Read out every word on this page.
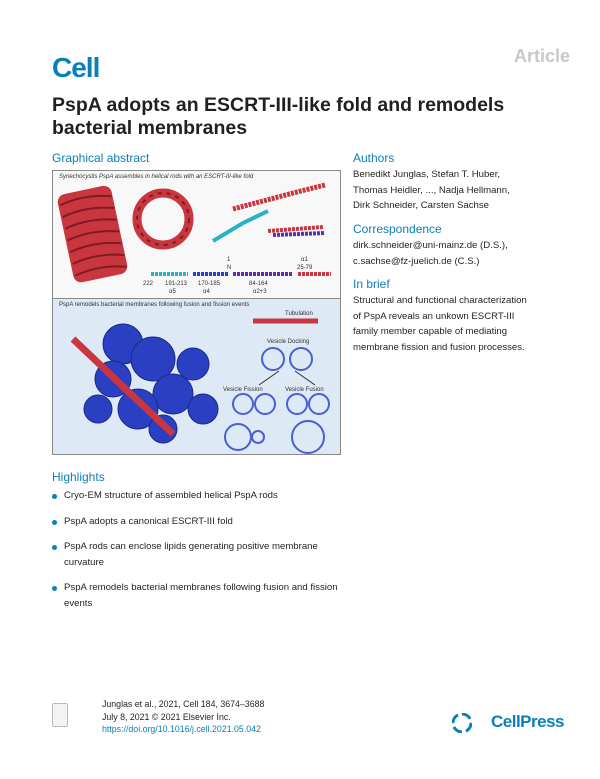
Cell	Article
PspA adopts an ESCRT-III-like fold and remodels bacterial membranes
Graphical abstract
Synechocystis PspA assembles in helical rods with an ESCRT-III-like fold
222 191-213 170-185	84-164
25-79
1
N
α5	α4	α2+3
α1
PspA remodels bacterial membranes following fusion and fission events
Tubulation
Vesicle Docking
Vesicle Fission	Vesicle Fusion
Authors
Benedikt Junglas, Stefan T. Huber,
Thomas Heidler, ..., Nadja Hellmann,
Dirk Schneider, Carsten Sachse
Correspondence
dirk.schneider@uni-mainz.de (D.S.),
c.sachse@fz-juelich.de (C.S.)
In brief
Structural and functional characterization
of PspA reveals an unkown ESCRT-III
family member capable of mediating
membrane fission and fusion processes.
Highlights
Cryo-EM structure of assembled helical PspA rods
PspA adopts a canonical ESCRT-III fold
PspA rods can enclose lipids generating positive membrane curvature
PspA remodels bacterial membranes following fusion and fission events
Junglas et al., 2021, Cell 184, 3674–3688
July 8, 2021 © 2021 Elsevier Inc.
https://doi.org/10.1016/j.cell.2021.05.042	CellPress
